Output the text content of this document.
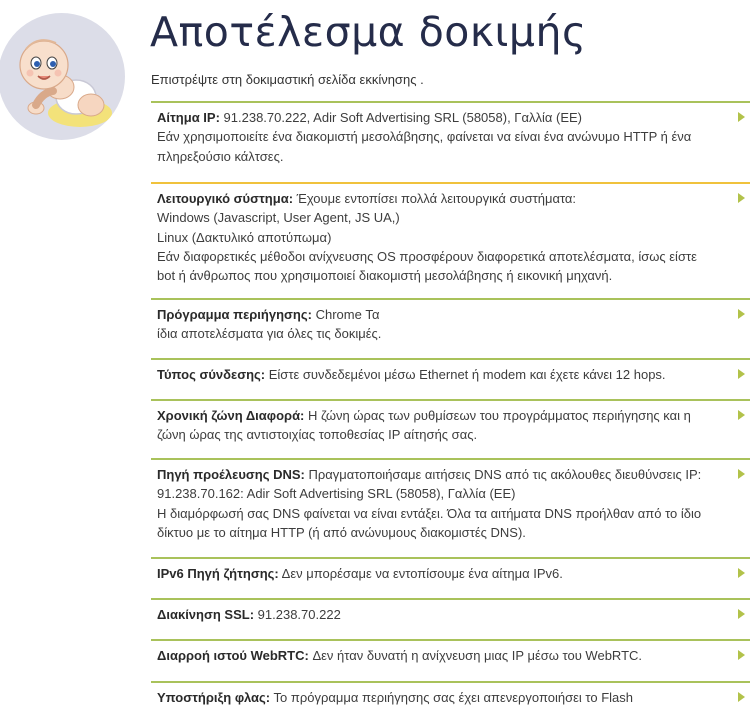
Αποτέλεσμα δοκιμής
Επιστρέψτε στη δοκιμαστική σελίδα εκκίνησης .
Αίτημα IP: 91.238.70.222, Adir Soft Advertising SRL (58058), Γαλλία (ΕΕ)
Εάν χρησιμοποιείτε ένα διακομιστή μεσολάβησης, φαίνεται να είναι ένα ανώνυμο HTTP ή ένα
πληρεξούσιο κάλτσες.
Λειτουργικό σύστημα: Έχουμε εντοπίσει πολλά λειτουργικά συστήματα:
Windows (Javascript, User Agent, JS UA,)
Linux (Δακτυλικό αποτύπωμα)
Εάν διαφορετικές μέθοδοι ανίχνευσης OS προσφέρουν διαφορετικά αποτελέσματα, ίσως είστε
bot ή άνθρωπος που χρησιμοποιεί διακομιστή μεσολάβησης ή εικονική μηχανή.
Πρόγραμμα περιήγησης: Chrome Τα
ίδια αποτελέσματα για όλες τις δοκιμές.
Τύπος σύνδεσης: Είστε συνδεδεμένοι μέσω Ethernet ή modem και έχετε κάνει 12 hops.
Χρονική ζώνη Διαφορά: Η ζώνη ώρας των ρυθμίσεων του προγράμματος περιήγησης και η
ζώνη ώρας της αντιστοιχίας τοποθεσίας IP αίτησής σας.
Πηγή προέλευσης DNS: Πραγματοποιήσαμε αιτήσεις DNS από τις ακόλουθες διευθύνσεις IP:
91.238.70.162: Adir Soft Advertising SRL (58058), Γαλλία (ΕΕ)
Η διαμόρφωσή σας DNS φαίνεται να είναι εντάξει. Όλα τα αιτήματα DNS προήλθαν από το ίδιο
δίκτυο με το αίτημα HTTP (ή από ανώνυμους διακομιστές DNS).
IPv6 Πηγή ζήτησης: Δεν μπορέσαμε να εντοπίσουμε ένα αίτημα IPv6.
Διακίνηση SSL: 91.238.70.222
Διαρροή ιστού WebRTC: Δεν ήταν δυνατή η ανίχνευση μιας IP μέσω του WebRTC.
Υποστήριξη φλας: Το πρόγραμμα περιήγησης σας έχει απενεργοποιήσει το Flash
